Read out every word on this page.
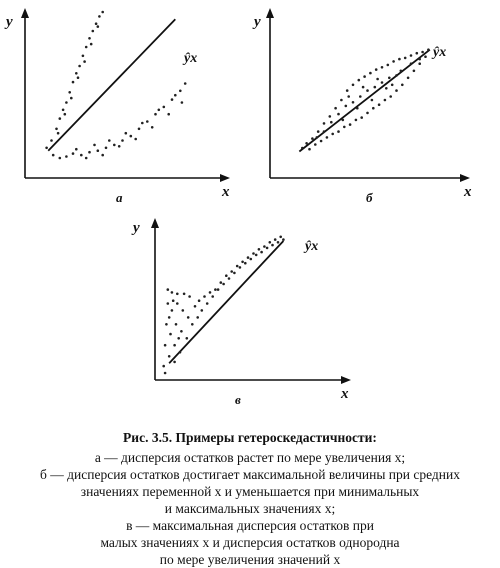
y
x
ŷx
а
y
x
ŷx
б
y
x
ŷx
в
Рис. 3.5. Примеры гетероскедастичности:
а — дисперсия остатков растет по мере увеличения x;
б — дисперсия остатков достигает максимальной величины при средних
значениях переменной x и уменьшается при минимальных
и максимальных значениях x;
в — максимальная дисперсия остатков при
малых значениях x и дисперсия остатков однородна
по мере увеличения значений x
